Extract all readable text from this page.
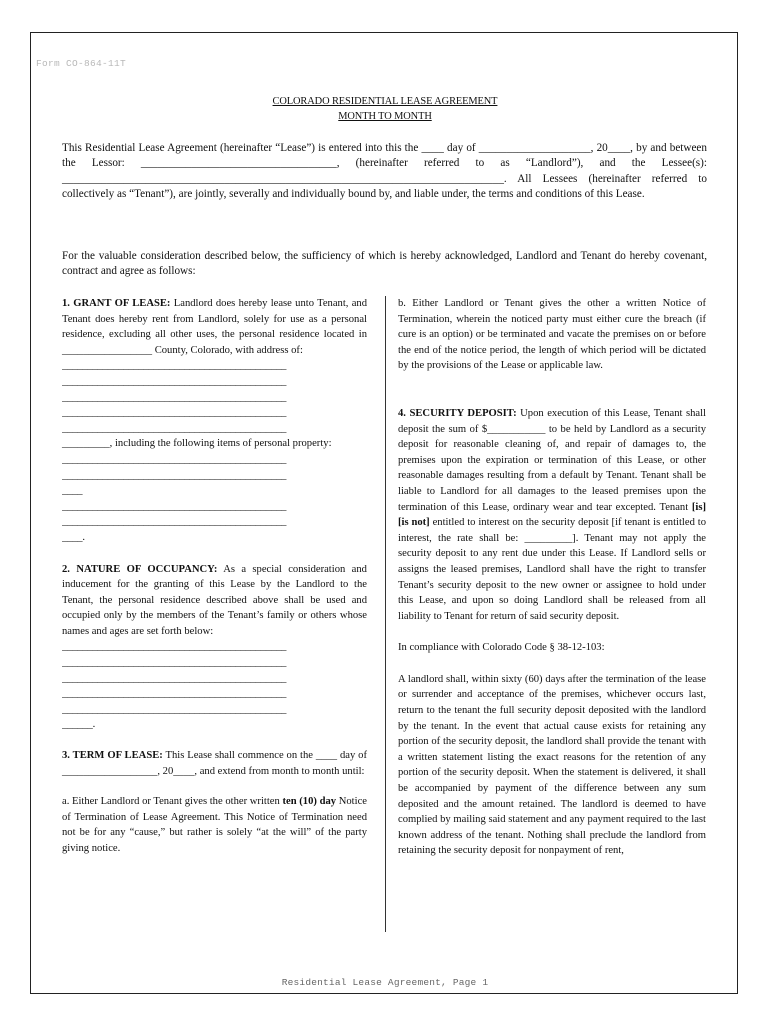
Form CO-864-11T
COLORADO RESIDENTIAL LEASE AGREEMENT
MONTH TO MONTH

This Residential Lease Agreement (hereinafter “Lease”) is entered into this the ____ day of ____________________, 20____, by and between the Lessor: ___________________________________, (hereinafter referred to as “Landlord”), and the Lessee(s): _______________________________________________________________________________. All Lessees (hereinafter referred to collectively as “Tenant”), are jointly, severally and individually bound by, and liable under, the terms and conditions of this Lease.

For the valuable consideration described below, the sufficiency of which is hereby acknowledged, Landlord and Tenant do hereby covenant, contract and agree as follows:

1. GRANT OF LEASE: Landlord does hereby lease unto Tenant, and Tenant does hereby rent from Landlord, solely for use as a personal residence, excluding all other uses, the personal residence located in _________________ County, Colorado, with address of:

____________________________________________
____________________________________________
____________________________________________
____________________________________________
____________________________________________

_________, including the following items of personal property:

____________________________________________
____________________________________________
____
____________________________________________
____________________________________________
____.

2. NATURE OF OCCUPANCY: As a special consideration and inducement for the granting of this Lease by the Landlord to the Tenant, the personal residence described above shall be used and occupied only by the members of the Tenant’s family or others whose names and ages are set forth below:

____________________________________________
____________________________________________
____________________________________________
____________________________________________
____________________________________________
______.

3. TERM OF LEASE: This Lease shall commence on the ____ day of __________________, 20____, and extend from month to month until:

a. Either Landlord or Tenant gives the other written ten (10) day Notice of Termination of Lease Agreement. This Notice of Termination need not be for any “cause,” but rather is solely “at the will” of the party giving notice.

b. Either Landlord or Tenant gives the other a written Notice of Termination, wherein the noticed party must either cure the breach (if cure is an option) or be terminated and vacate the premises on or before the end of the notice period, the length of which period will be dictated by the provisions of the Lease or applicable law.

4. SECURITY DEPOSIT: Upon execution of this Lease, Tenant shall deposit the sum of $___________ to be held by Landlord as a security deposit for reasonable cleaning of, and repair of damages to, the premises upon the expiration or termination of this Lease, or other reasonable damages resulting from a default by Tenant. Tenant shall be liable to Landlord for all damages to the leased premises upon the termination of this Lease, ordinary wear and tear excepted. Tenant [is] [is not] entitled to interest on the security deposit [if tenant is entitled to interest, the rate shall be: _________]. Tenant may not apply the security deposit to any rent due under this Lease. If Landlord sells or assigns the leased premises, Landlord shall have the right to transfer Tenant’s security deposit to the new owner or assignee to hold under this Lease, and upon so doing Landlord shall be released from all liability to Tenant for return of said security deposit.

In compliance with Colorado Code § 38-12-103:

A landlord shall, within sixty (60) days after the termination of the lease or surrender and acceptance of the premises, whichever occurs last, return to the tenant the full security deposit deposited with the landlord by the tenant. In the event that actual cause exists for retaining any portion of the security deposit, the landlord shall provide the tenant with a written statement listing the exact reasons for the retention of any portion of the security deposit. When the statement is delivered, it shall be accompanied by payment of the difference between any sum deposited and the amount retained. The landlord is deemed to have complied by mailing said statement and any payment required to the last known address of the tenant. Nothing shall preclude the landlord from retaining the security deposit for nonpayment of rent,

Residential Lease Agreement, Page 1
